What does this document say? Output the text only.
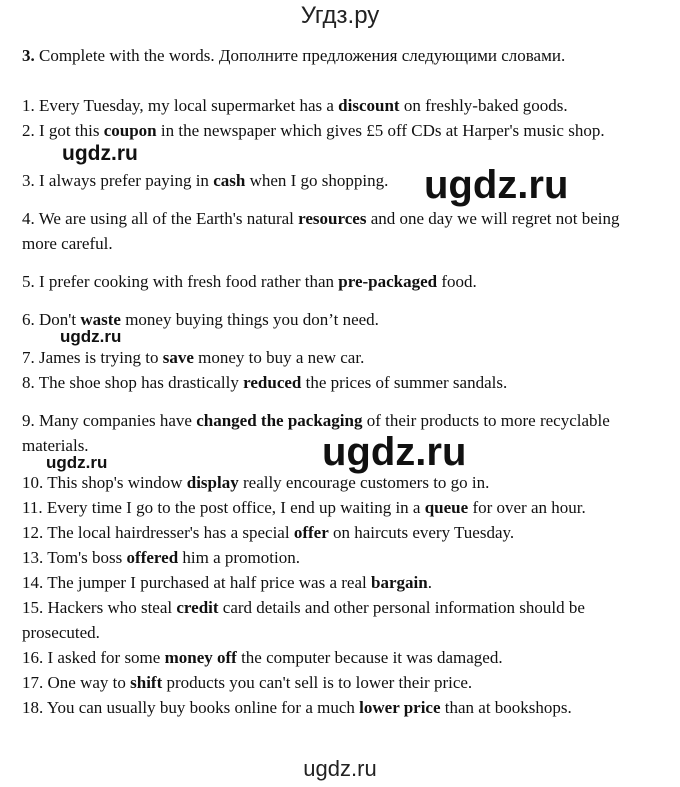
Угдз.ру
3. Complete with the words. Дополните предложения следующими словами.
1. Every Tuesday, my local supermarket has a discount on freshly-baked goods.
2. I got this coupon in the newspaper which gives £5 off CDs at Harper's music shop.
3. I always prefer paying in cash when I go shopping.
4. We are using all of the Earth's natural resources and one day we will regret not being more careful.
5. I prefer cooking with fresh food rather than pre-packaged food.
6. Don't waste money buying things you don’t need.
7. James is trying to save money to buy a new car.
8. The shoe shop has drastically reduced the prices of summer sandals.
9. Many companies have changed the packaging of their products to more recyclable materials.
10. This shop's window display really encourage customers to go in.
11. Every time I go to the post office, I end up waiting in a queue for over an hour.
12. The local hairdresser's has a special offer on haircuts every Tuesday.
13. Tom's boss offered him a promotion.
14. The jumper I purchased at half price was a real bargain.
15. Hackers who steal credit card details and other personal information should be prosecuted.
16. I asked for some money off the computer because it was damaged.
17. One way to shift products you can't sell is to lower their price.
18. You can usually buy books online for a much lower price than at bookshops.
ugdz.ru
ugdz.ru
ugdz.ru
ugdz.ru
ugdz.ru
ugdz.ru
